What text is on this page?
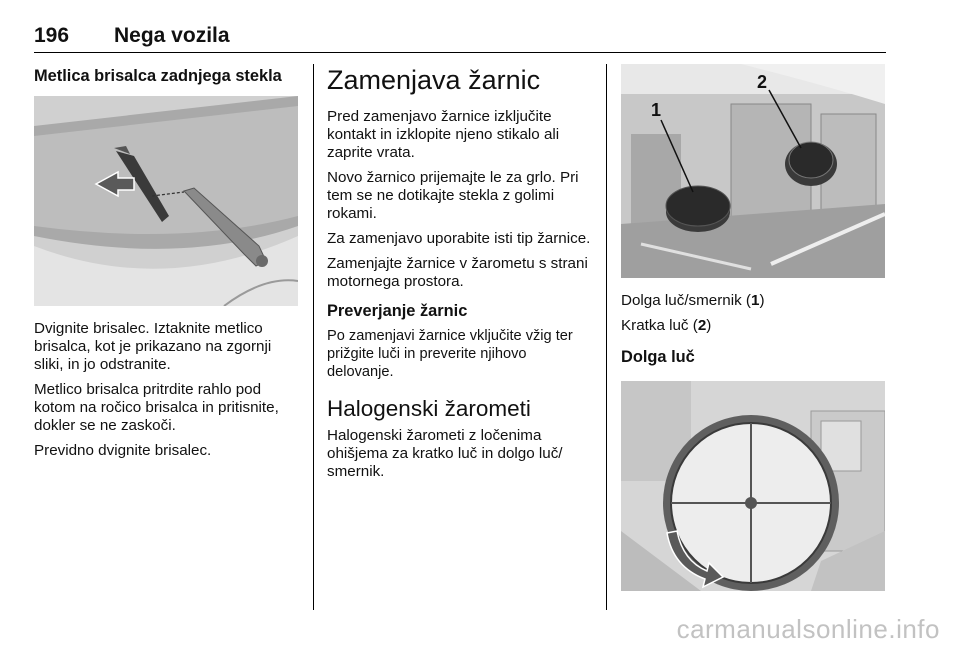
196 Nega vozila
Metlica brisalca zadnjega stekla

Dvignite brisalec. Iztaknite metlico brisalca, kot je prikazano na zgornji sliki, in jo odstranite.

Metlico brisalca pritrdite rahlo pod kotom na ročico brisalca in pritisnite, dokler se ne zaskoči.

Previdno dvignite brisalec.

Zamenjava žarnic

Pred zamenjavo žarnice izključite kontakt in izklopite njeno stikalo ali zaprite vrata.

Novo žarnico prijemajte le za grlo. Pri tem se ne dotikajte stekla z golimi rokami.

Za zamenjavo uporabite isti tip žarnice.

Zamenjajte žarnice v žarometu s strani motornega prostora.

Preverjanje žarnic

Po zamenjavi žarnice vključite vžig ter prižgite luči in preverite njihovo delovanje.

Halogenski žarometi

Halogenski žarometi z ločenima ohišjema za kratko luč in dolgo luč/ smernik.

1
2

Dolga luč/smernik (1)

Kratka luč (2)

Dolga luč
carmanualsonline.info
